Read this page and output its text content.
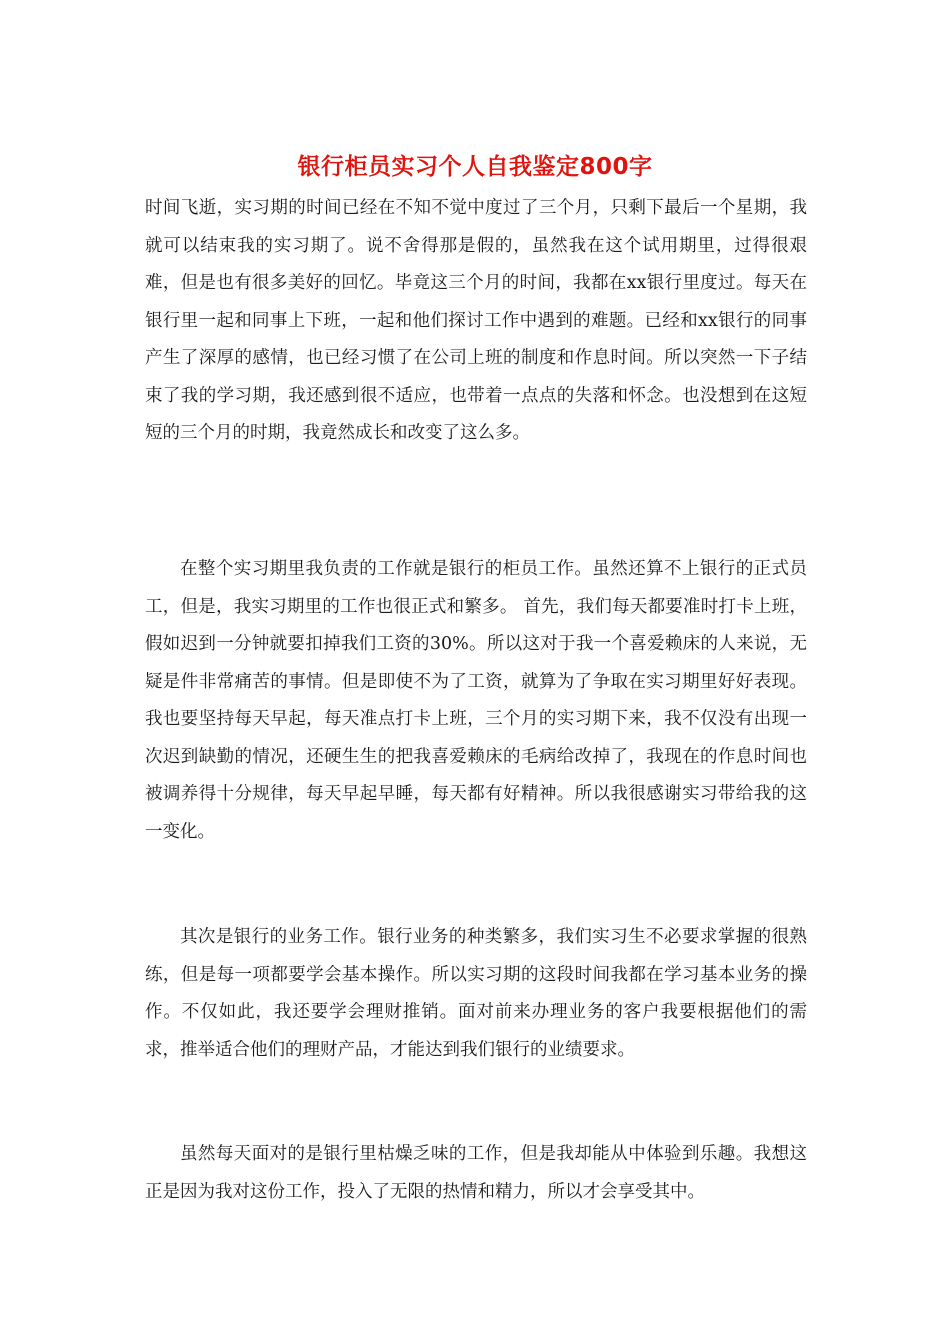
银行柜员实习个人自我鉴定800字
时间飞逝，实习期的时间已经在不知不觉中度过了三个月，只剩下最后一个星期，我就可以结束我的实习期了。说不舍得那是假的，虽然我在这个试用期里，过得很艰难，但是也有很多美好的回忆。毕竟这三个月的时间，我都在xx银行里度过。每天在银行里一起和同事上下班，一起和他们探讨工作中遇到的难题。已经和xx银行的同事产生了深厚的感情，也已经习惯了在公司上班的制度和作息时间。所以突然一下子结束了我的学习期，我还感到很不适应，也带着一点点的失落和怀念。也没想到在这短短的三个月的时期，我竟然成长和改变了这么多。
在整个实习期里我负责的工作就是银行的柜员工作。虽然还算不上银行的正式员工，但是，我实习期里的工作也很正式和繁多。 首先，我们每天都要准时打卡上班，假如迟到一分钟就要扣掉我们工资的30%。所以这对于我一个喜爱赖床的人来说，无疑是件非常痛苦的事情。但是即使不为了工资，就算为了争取在实习期里好好表现。我也要坚持每天早起，每天准点打卡上班，三个月的实习期下来，我不仅没有出现一次迟到缺勤的情况，还硬生生的把我喜爱赖床的毛病给改掉了，我现在的作息时间也被调养得十分规律，每天早起早睡，每天都有好精神。所以我很感谢实习带给我的这一变化。
其次是银行的业务工作。银行业务的种类繁多，我们实习生不必要求掌握的很熟练，但是每一项都要学会基本操作。所以实习期的这段时间我都在学习基本业务的操作。不仅如此，我还要学会理财推销。面对前来办理业务的客户我要根据他们的需求，推举适合他们的理财产品，才能达到我们银行的业绩要求。
虽然每天面对的是银行里枯燥乏味的工作，但是我却能从中体验到乐趣。我想这正是因为我对这份工作，投入了无限的热情和精力，所以才会享受其中。
